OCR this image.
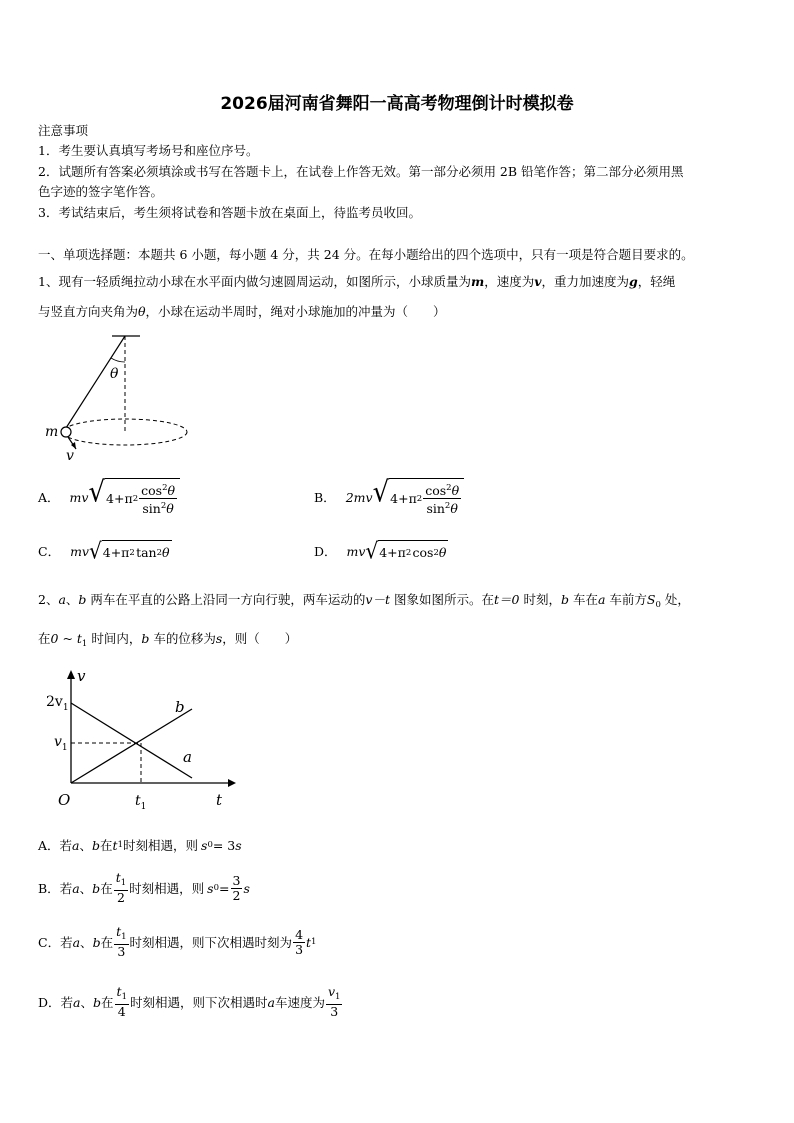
2026届河南省舞阳一高高考物理倒计时模拟卷
注意事项
1．考生要认真填写考场号和座位序号。
2．试题所有答案必须填涂或书写在答题卡上，在试卷上作答无效。第一部分必须用 2B 铅笔作答；第二部分必须用黑
色字迹的签字笔作答。
3．考试结束后，考生须将试卷和答题卡放在桌面上，待监考员收回。
一、单项选择题：本题共 6 小题，每小题 4 分，共 24 分。在每小题给出的四个选项中，只有一项是符合题目要求的。
1、现有一轻质绳拉动小球在水平面内做匀速圆周运动，如图所示，小球质量为m，速度为v，重力加速度为g，轻绳
与竖直方向夹角为θ，小球在运动半周时，绳对小球施加的冲量为（　　）
θ
m
v
A． mv √ 4+π $2 \frac{\cos^2\theta}{\sin^2\theta}$	B． 2mv √ 4+π $2 \frac{\cos^2\theta}{\sin^2\theta}$
C． mv √ 4+π 2
  tan 2 θ	D． mv √ 4+π 2
  cos 2 θ
2、a、b 两车在平直的公路上沿同一方向行驶，两车运动的v－t 图象如图所示。在t＝0 时刻，b 车在a 车前方$S_0$ 处，
在0 ~ $t_1$ 时间内，b 车的位移为s，则（　　）
v
t
O
$2v_1$
$v_1$
$t_1$
b
a
A． 若 a 、 b 在 t 1 时刻相遇，则 s 0 = 3 s
B． 若 a 、 b 在 $\frac{t_1}{2}$ 时刻相遇，则 s $0 = \frac{3}{2}$ s
C． 若 a 、 b 在 $\frac{t_1}{3}$ 时刻相遇，则下次相遇时刻为 $\frac{4}{3}$ t 1
D． 若 a 、 b 在 $\frac{t_1}{4}$ 时刻相遇，则下次相遇时 a 车速度为 $\frac{v_1}{3}$
